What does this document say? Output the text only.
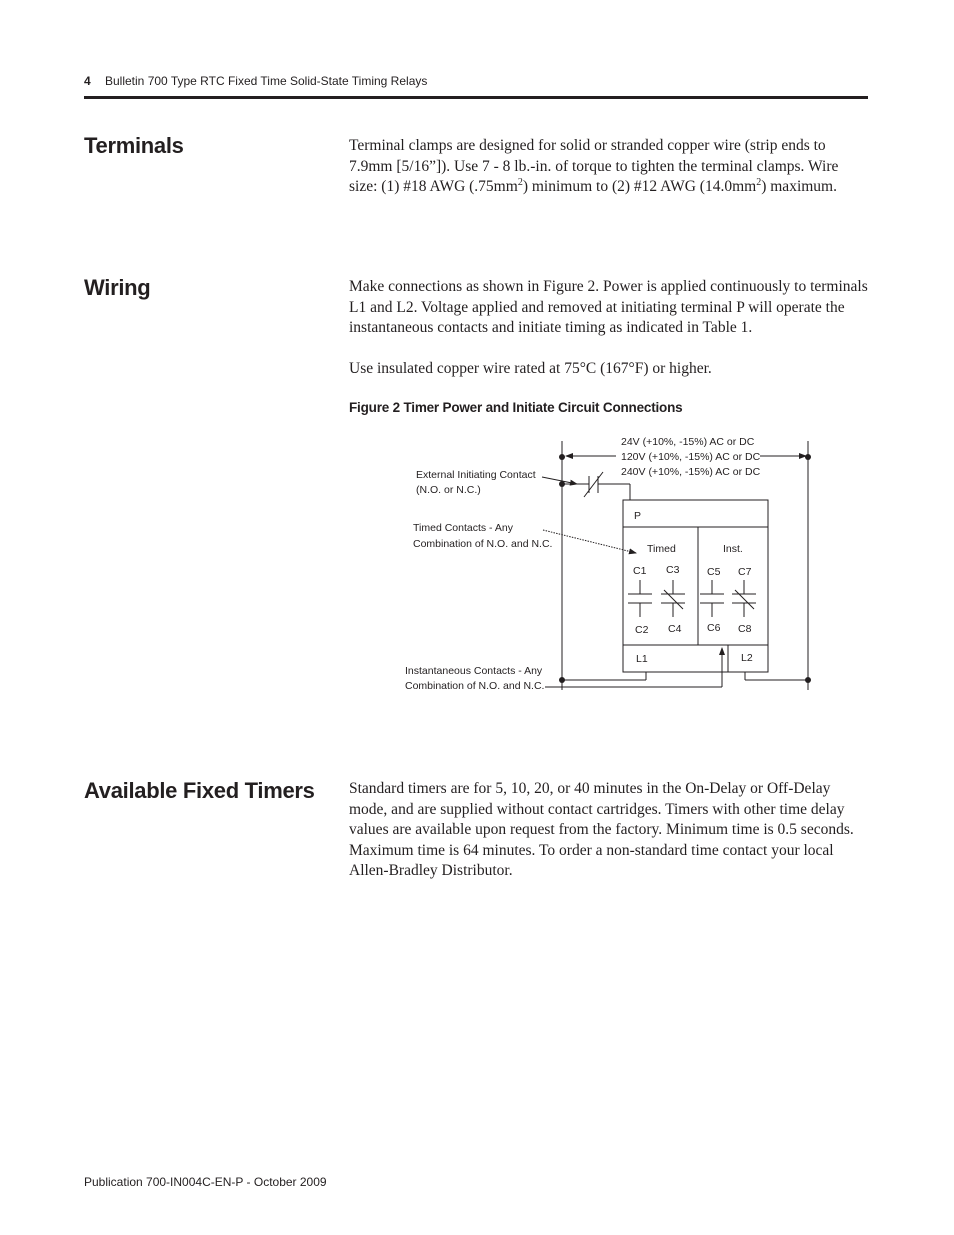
4 Bulletin 700 Type RTC Fixed Time Solid-State Timing Relays
Terminals	Terminal clamps are designed for solid or stranded copper wire (strip ends to 7.9mm [5/16”]). Use 7 - 8 lb.-in. of torque to tighten the terminal clamps. Wire size: (1) #18 AWG $(.75mm^2)$ minimum to (2) #12 AWG $(14.0mm^2)$ maximum.

Wiring	Make connections as shown in Figure 2. Power is applied continuously to terminals L1 and L2. Voltage applied and removed at initiating terminal P will operate the instantaneous contacts and initiate timing as indicated in Table 1.

Use insulated copper wire rated at 75°C (167°F) or higher.

Figure 2 Timer Power and Initiate Circuit Connections

24V (+10%, -15%) AC or DC
120V (+10%, -15%) AC or DC
240V (+10%, -15%) AC or DC
External Initiating Contact
(N.O. or N.C.)
Timed Contacts - Any
Combination of N.O. and N.C.
Instantaneous Contacts - Any
Combination of N.O. and N.C.
P
Timed	Inst.
C1 C3	C5 C7
C2 C4 C6 C8
L1	L2
Available Fixed Timers Standard timers are for 5, 10, 20, or 40 minutes in the On-Delay or Off-Delay mode, and are supplied without contact cartridges. Timers with other time delay values are available upon request from the factory. Minimum time is 0.5 seconds. Maximum time is 64 minutes. To order a non-standard time contact your local Allen-Bradley Distributor.

Publication 700-IN004C-EN-P - October 2009
